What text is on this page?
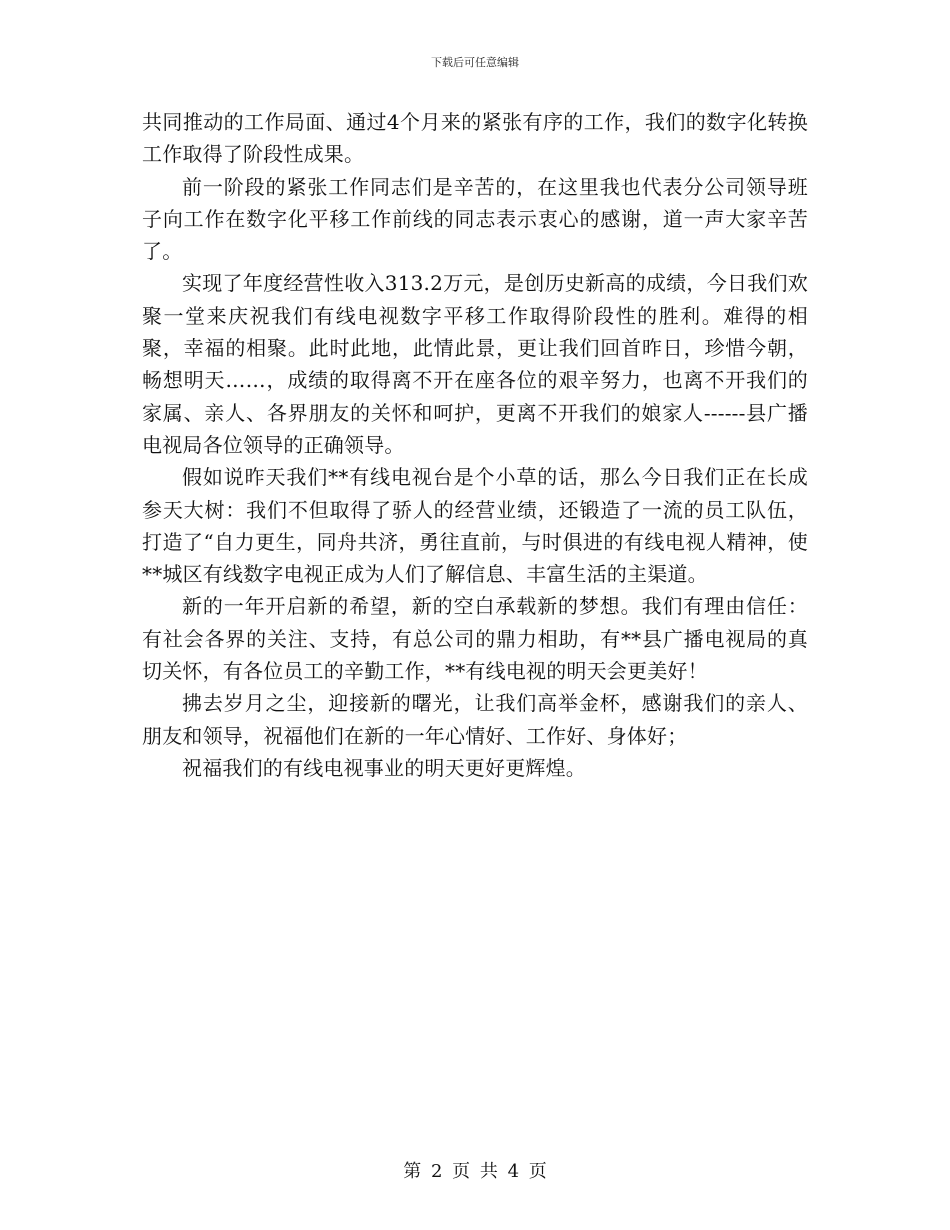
下载后可任意编辑

共同推动的工作局面、通过4个月来的紧张有序的工作，我们的数字化转换工作取得了阶段性成果。

前一阶段的紧张工作同志们是辛苦的，在这里我也代表分公司领导班子向工作在数字化平移工作前线的同志表示衷心的感谢，道一声大家辛苦了。

实现了年度经营性收入313.2万元，是创历史新高的成绩，今日我们欢聚一堂来庆祝我们有线电视数字平移工作取得阶段性的胜利。难得的相聚，幸福的相聚。此时此地，此情此景，更让我们回首昨日，珍惜今朝，畅想明天……，成绩的取得离不开在座各位的艰辛努力，也离不开我们的家属、亲人、各界朋友的关怀和呵护，更离不开我们的娘家人------县广播电视局各位领导的正确领导。

假如说昨天我们**有线电视台是个小草的话，那么今日我们正在长成参天大树：我们不但取得了骄人的经营业绩，还锻造了一流的员工队伍，打造了“自力更生，同舟共济，勇往直前，与时俱进的有线电视人精神，使**城区有线数字电视正成为人们了解信息、丰富生活的主渠道。

新的一年开启新的希望，新的空白承载新的梦想。我们有理由信任：有社会各界的关注、支持，有总公司的鼎力相助，有**县广播电视局的真切关怀，有各位员工的辛勤工作，**有线电视的明天会更美好！

拂去岁月之尘，迎接新的曙光，让我们高举金杯，感谢我们的亲人、朋友和领导，祝福他们在新的一年心情好、工作好、身体好；

祝福我们的有线电视事业的明天更好更辉煌。

第 2 页 共 4 页
